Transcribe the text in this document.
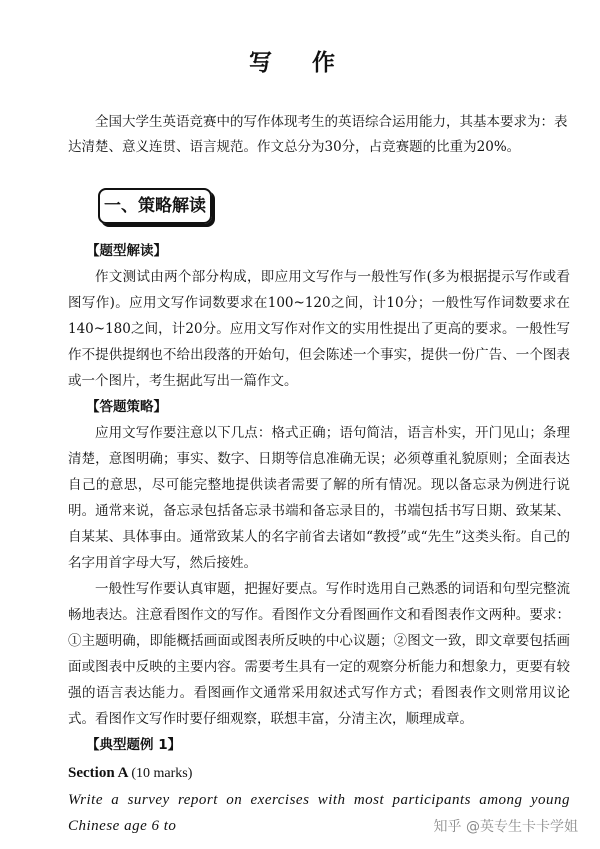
写 作

全国大学生英语竞赛中的写作体现考生的英语综合运用能力，其基本要求为：表达清楚、意义连贯、语言规范。作文总分为30分，占竞赛题的比重为20%。

一、策略解读

【题型解读】

作文测试由两个部分构成，即应用文写作与一般性写作(多为根据提示写作或看图写作)。应用文写作词数要求在100~120之间，计10分；一般性写作词数要求在140~180之间，计20分。应用文写作对作文的实用性提出了更高的要求。一般性写作不提供提纲也不给出段落的开始句，但会陈述一个事实，提供一份广告、一个图表或一个图片，考生据此写出一篇作文。

【答题策略】

应用文写作要注意以下几点：格式正确；语句简洁，语言朴实，开门见山；条理清楚，意图明确；事实、数字、日期等信息准确无误；必须尊重礼貌原则；全面表达自己的意思，尽可能完整地提供读者需要了解的所有情况。现以备忘录为例进行说明。通常来说，备忘录包括备忘录书端和备忘录目的，书端包括书写日期、致某某、自某某、具体事由。通常致某人的名字前省去诸如“教授”或“先生”这类头衔。自己的名字用首字母大写，然后接姓。

一般性写作要认真审题，把握好要点。写作时选用自己熟悉的词语和句型完整流畅地表达。注意看图作文的写作。看图作文分看图画作文和看图表作文两种。要求：①主题明确，即能概括画面或图表所反映的中心议题；②图文一致，即文章要包括画面或图表中反映的主要内容。需要考生具有一定的观察分析能力和想象力，更要有较强的语言表达能力。看图画作文通常采用叙述式写作方式；看图表作文则常用议论式。看图作文写作时要仔细观察，联想丰富，分清主次，顺理成章。

【典型题例 1】

Section A (10 marks)

Write a survey report on exercises with most participants among young Chinese age 6 to	知乎 @英专生卡卡学姐
